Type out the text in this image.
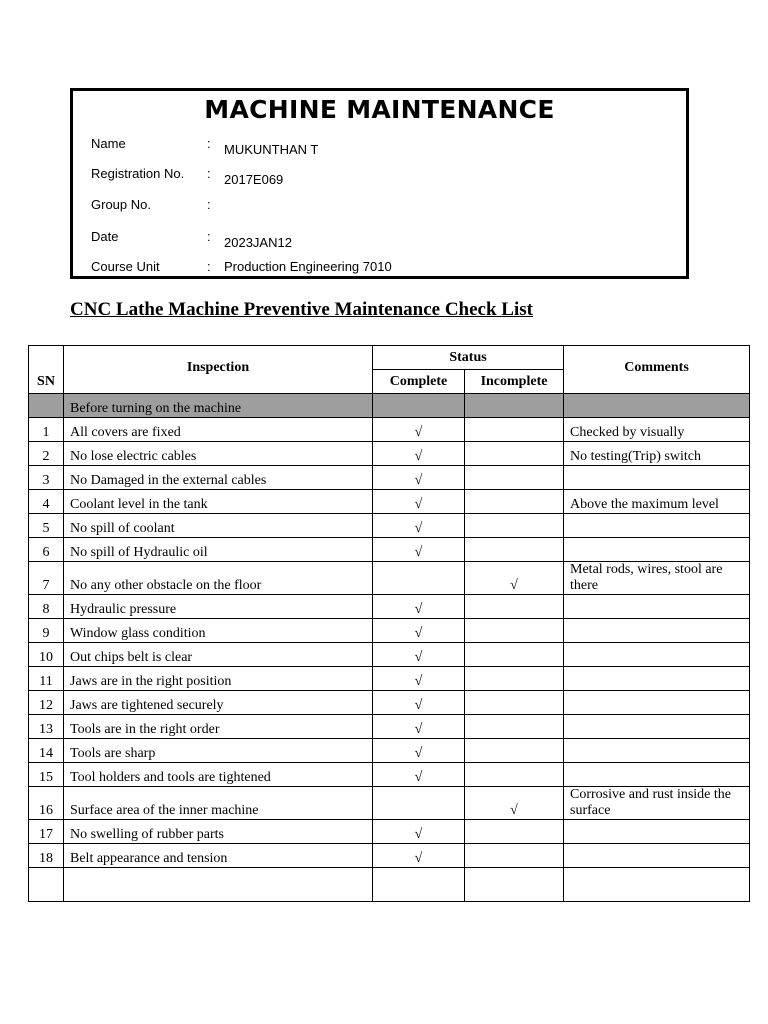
MACHINE MAINTENANCE
Name	: MUKUNTHAN T
Registration No. : 2017E069
Group No.	:
Date	: 2023JAN12
Course Unit	: Production Engineering 7010
CNC Lathe Machine Preventive Maintenance Check List
SN	Inspection	Status		Comments
		Complete	Incomplete	
	Before turning on the machine			
1	All covers are fixed	√		Checked by visually
2	No lose electric cables	√		No testing(Trip) switch
3	No Damaged in the external cables	√		
4	Coolant level in the tank	√		Above the maximum level
5	No spill of coolant	√		
6	No spill of Hydraulic oil	√		
7	No any other obstacle on the floor		√	Metal rods, wires, stool are there
8	Hydraulic pressure	√		
9	Window glass condition	√		
10	Out chips belt is clear	√		
11	Jaws are in the right position	√		
12	Jaws are tightened securely	√		
13	Tools are in the right order	√		
14	Tools are sharp	√		
15	Tool holders and tools are tightened	√		
16	Surface area of the inner machine		√	Corrosive and rust inside the surface
17	No swelling of rubber parts	√		
18	Belt appearance and tension	√		
